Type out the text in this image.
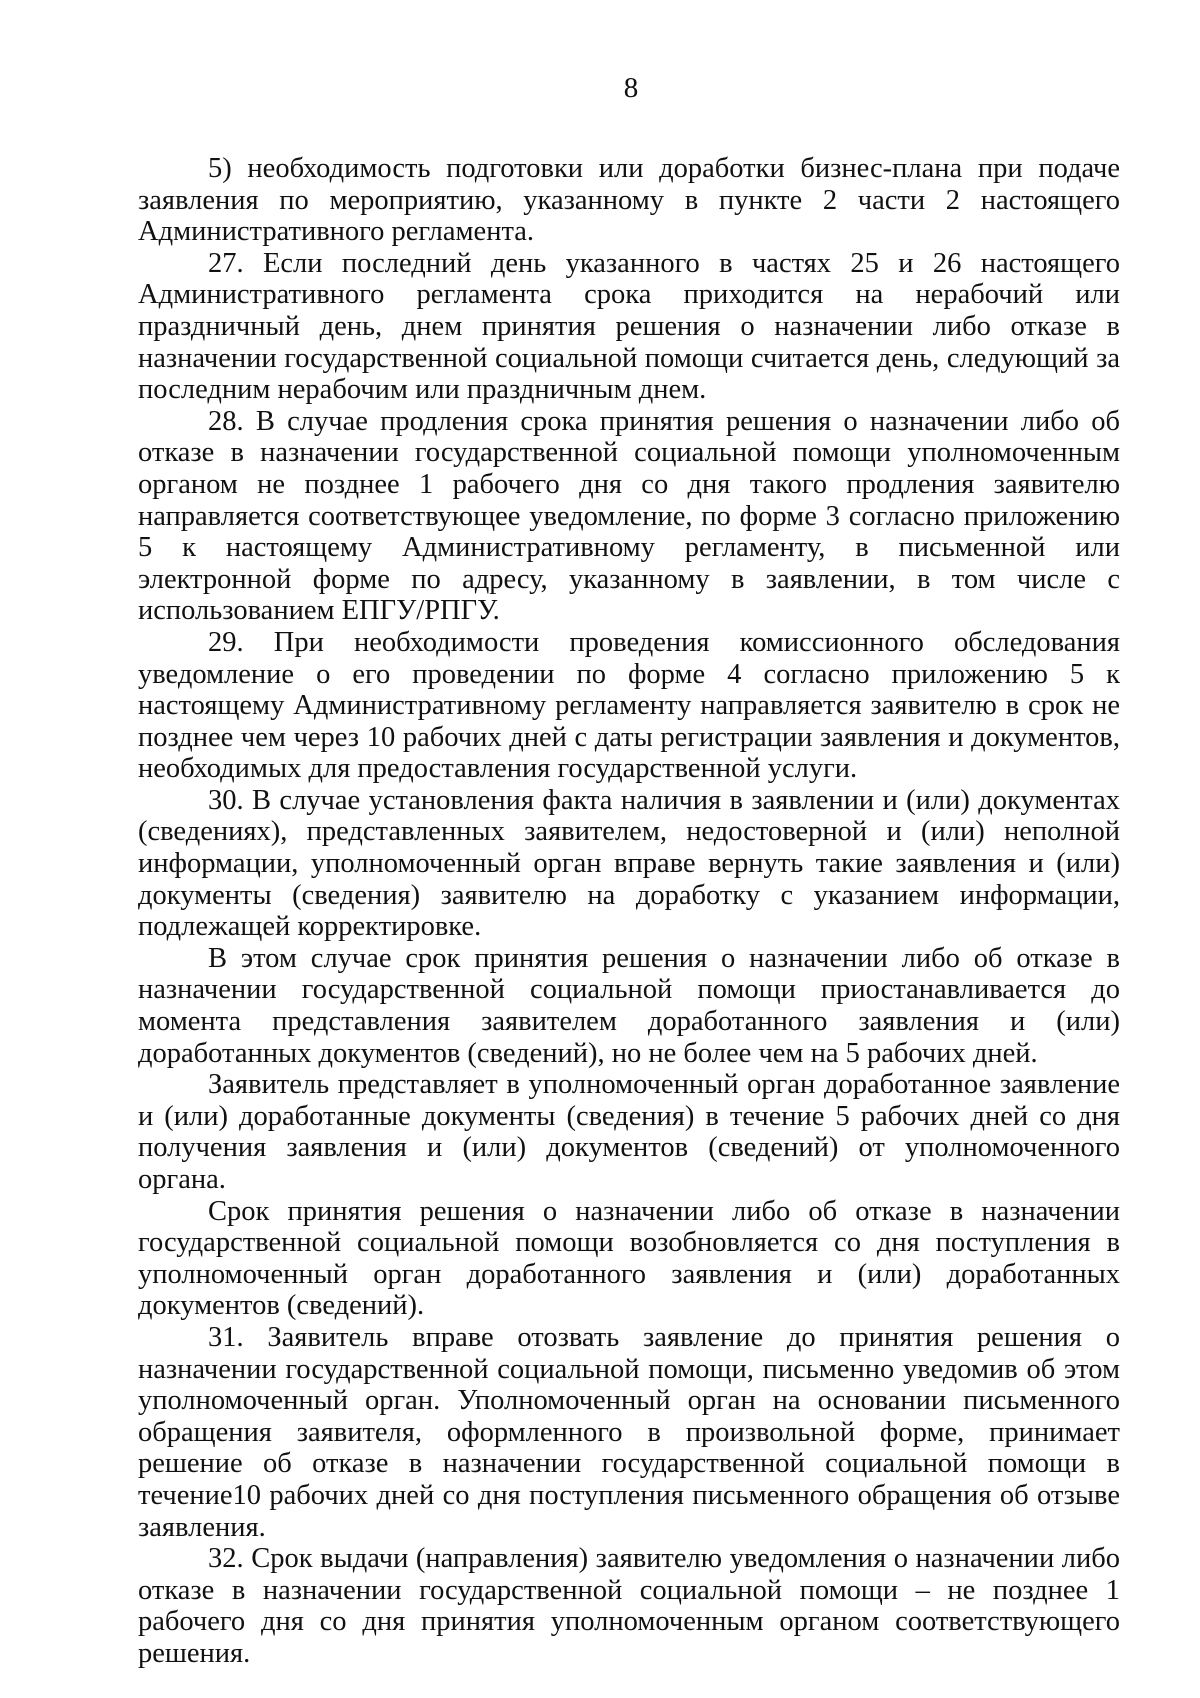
8

5) необходимость подготовки или доработки бизнес-плана при подаче заявления по мероприятию, указанному в пункте 2 части 2 настоящего Административного регламента.

27. Если последний день указанного в частях 25 и 26 настоящего Административного регламента срока приходится на нерабочий или праздничный день, днем принятия решения о назначении либо отказе в назначении государственной социальной помощи считается день, следующий за последним нерабочим или праздничным днем.

28. В случае продления срока принятия решения о назначении либо об отказе в назначении государственной социальной помощи уполномоченным органом не позднее 1 рабочего дня со дня такого продления заявителю направляется соответствующее уведомление, по форме 3 согласно приложению 5 к настоящему Административному регламенту, в письменной или электронной форме по адресу, указанному в заявлении, в том числе с использованием ЕПГУ/РПГУ.

29. При необходимости проведения комиссионного обследования уведомление о его проведении по форме 4 согласно приложению 5 к настоящему Административному регламенту направляется заявителю в срок не позднее чем через 10 рабочих дней с даты регистрации заявления и документов, необходимых для предоставления государственной услуги.

30. В случае установления факта наличия в заявлении и (или) документах (сведениях), представленных заявителем, недостоверной и (или) неполной информации, уполномоченный орган вправе вернуть такие заявления и (или) документы (сведения) заявителю на доработку с указанием информации, подлежащей корректировке.

В этом случае срок принятия решения о назначении либо об отказе в назначении государственной социальной помощи приостанавливается до момента представления заявителем доработанного заявления и (или) доработанных документов (сведений), но не более чем на 5 рабочих дней.

Заявитель представляет в уполномоченный орган доработанное заявление и (или) доработанные документы (сведения) в течение 5 рабочих дней со дня получения заявления и (или) документов (сведений) от уполномоченного органа.

Срок принятия решения о назначении либо об отказе в назначении государственной социальной помощи возобновляется со дня поступления в уполномоченный орган доработанного заявления и (или) доработанных документов (сведений).

31. Заявитель вправе отозвать заявление до принятия решения о назначении государственной социальной помощи, письменно уведомив об этом уполномоченный орган. Уполномоченный орган на основании письменного обращения заявителя, оформленного в произвольной форме, принимает решение об отказе в назначении государственной социальной помощи в течение10 рабочих дней со дня поступления письменного обращения об отзыве заявления.

32. Срок выдачи (направления) заявителю уведомления о назначении либо отказе в назначении государственной социальной помощи – не позднее 1 рабочего дня со дня принятия уполномоченным органом соответствующего решения.
